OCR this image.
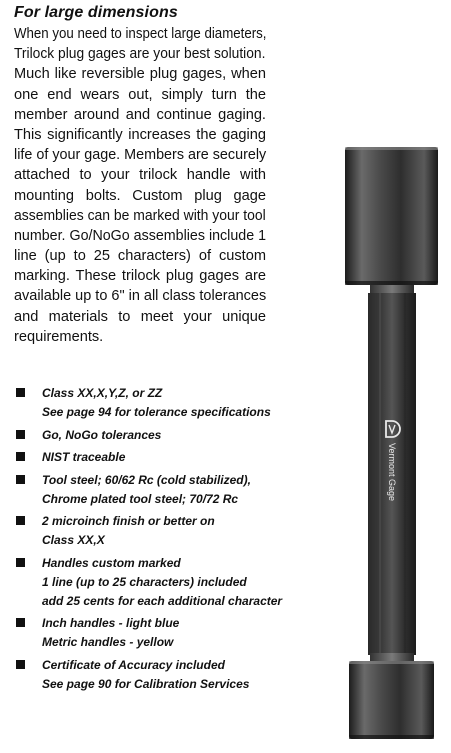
For large dimensions
When you need to inspect large diameters,
Trilock plug gages are your best solution.
Much like reversible plug gages, when
one end wears out, simply turn the
member around and continue gaging.
This significantly increases the gaging
life of your gage. Members are securely
attached to your trilock handle with
mounting bolts. Custom plug gage
assemblies can be marked with your tool
number. Go/NoGo assemblies include 1
line (up to 25 characters) of custom
marking. These trilock plug gages are
available up to 6" in all class tolerances
and materials to meet your unique
requirements.
Class XX,X,Y,Z, or ZZ
See page 94 for tolerance specifications
Go, NoGo tolerances
NIST traceable
Tool steel; 60/62 Rc (cold stabilized),
Chrome plated tool steel; 70/72 Rc
2 microinch finish or better on
Class XX,X
Handles custom marked
1 line (up to 25 characters) included
add 25 cents for each additional character
Inch handles - light blue
Metric handles - yellow
Certificate of Accuracy included
See page 90 for Calibration Services
Vermont Gage
